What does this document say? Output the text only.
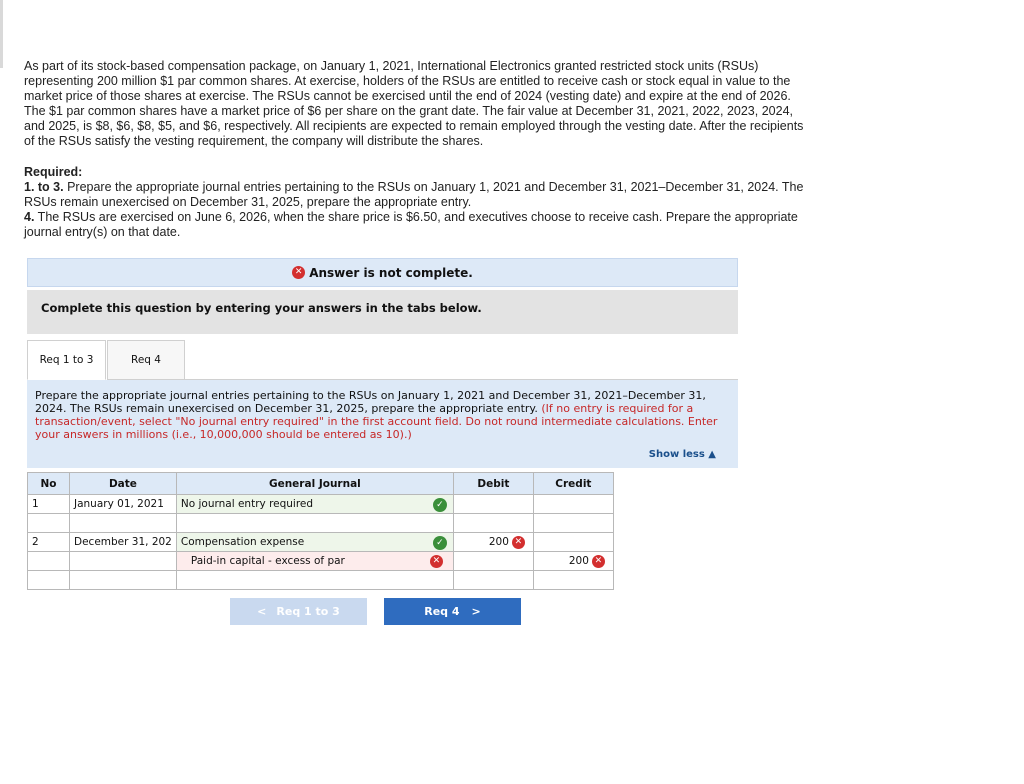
As part of its stock-based compensation package, on January 1, 2021, International Electronics granted restricted stock units (RSUs) representing 200 million $1 par common shares. At exercise, holders of the RSUs are entitled to receive cash or stock equal in value to the market price of those shares at exercise. The RSUs cannot be exercised until the end of 2024 (vesting date) and expire at the end of 2026. The $1 par common shares have a market price of $6 per share on the grant date. The fair value at December 31, 2021, 2022, 2023, 2024, and 2025, is $8, $6, $8, $5, and $6, respectively. All recipients are expected to remain employed through the vesting date. After the recipients of the RSUs satisfy the vesting requirement, the company will distribute the shares.

Required:

1. to 3. Prepare the appropriate journal entries pertaining to the RSUs on January 1, 2021 and December 31, 2021–December 31, 2024. The RSUs remain unexercised on December 31, 2025, prepare the appropriate entry.

4. The RSUs are exercised on June 6, 2026, when the share price is $6.50, and executives choose to receive cash. Prepare the appropriate journal entry(s) on that date.

✕ Answer is not complete.
Complete this question by entering your answers in the tabs below.
Req 1 to 3	Req 4
Prepare the appropriate journal entries pertaining to the RSUs on January 1, 2021 and December 31, 2021–December 31, 2024. The RSUs remain unexercised on December 31, 2025, prepare the appropriate entry. (If no entry is required for a transaction/event, select "No journal entry required" in the first account field. Do not round intermediate calculations. Enter your answers in millions (i.e., 10,000,000 should be entered as 10).)
Show less ▲
No	Date	General Journal	Debit	Credit
1	January 01, 2021	No journal entry required ✓		

2	December 31, 202	Compensation expense ✓	200 ✕	

		Paid-in capital - excess of par ✕		200 ✕

< Req 1 to 3	Req 4 >
